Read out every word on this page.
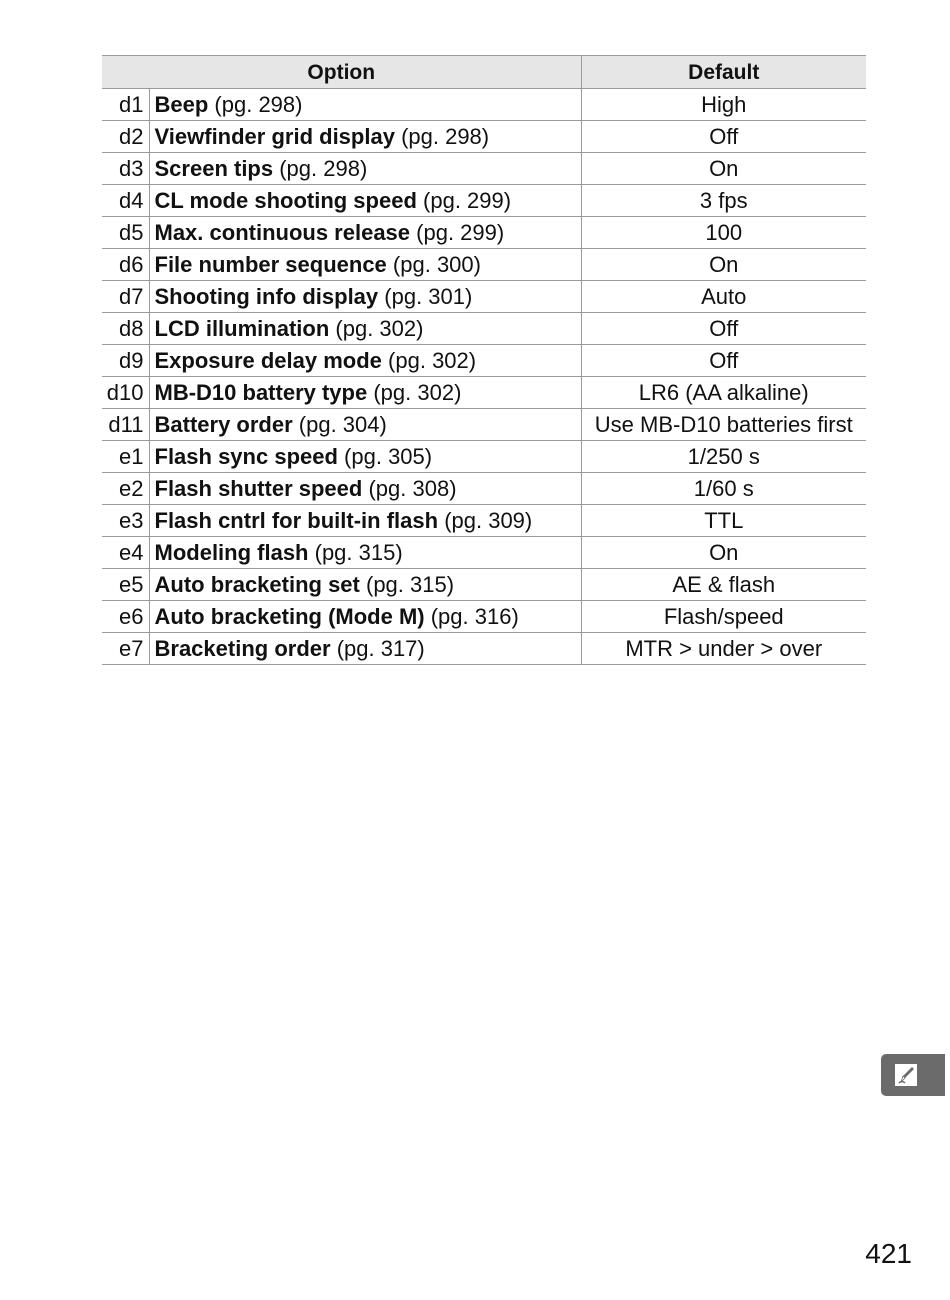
Option		Default
d1	Beep (pg. 298)	High
d2	Viewfinder grid display (pg. 298)	Off
d3	Screen tips (pg. 298)	On
d4	CL mode shooting speed (pg. 299)	3 fps
d5	Max. continuous release (pg. 299)	100
d6	File number sequence (pg. 300)	On
d7	Shooting info display (pg. 301)	Auto
d8	LCD illumination (pg. 302)	Off
d9	Exposure delay mode (pg. 302)	Off
d10	MB-D10 battery type (pg. 302)	LR6 (AA alkaline)
d11	Battery order (pg. 304)	Use MB-D10 batteries first
e1	Flash sync speed (pg. 305)	1/250 s
e2	Flash shutter speed (pg. 308)	1/60 s
e3	Flash cntrl for built-in flash (pg. 309)	TTL
e4	Modeling flash (pg. 315)	On
e5	Auto bracketing set (pg. 315)	AE & flash
e6	Auto bracketing (Mode M) (pg. 316)	Flash/speed
e7	Bracketing order (pg. 317)	MTR > under > over
421
